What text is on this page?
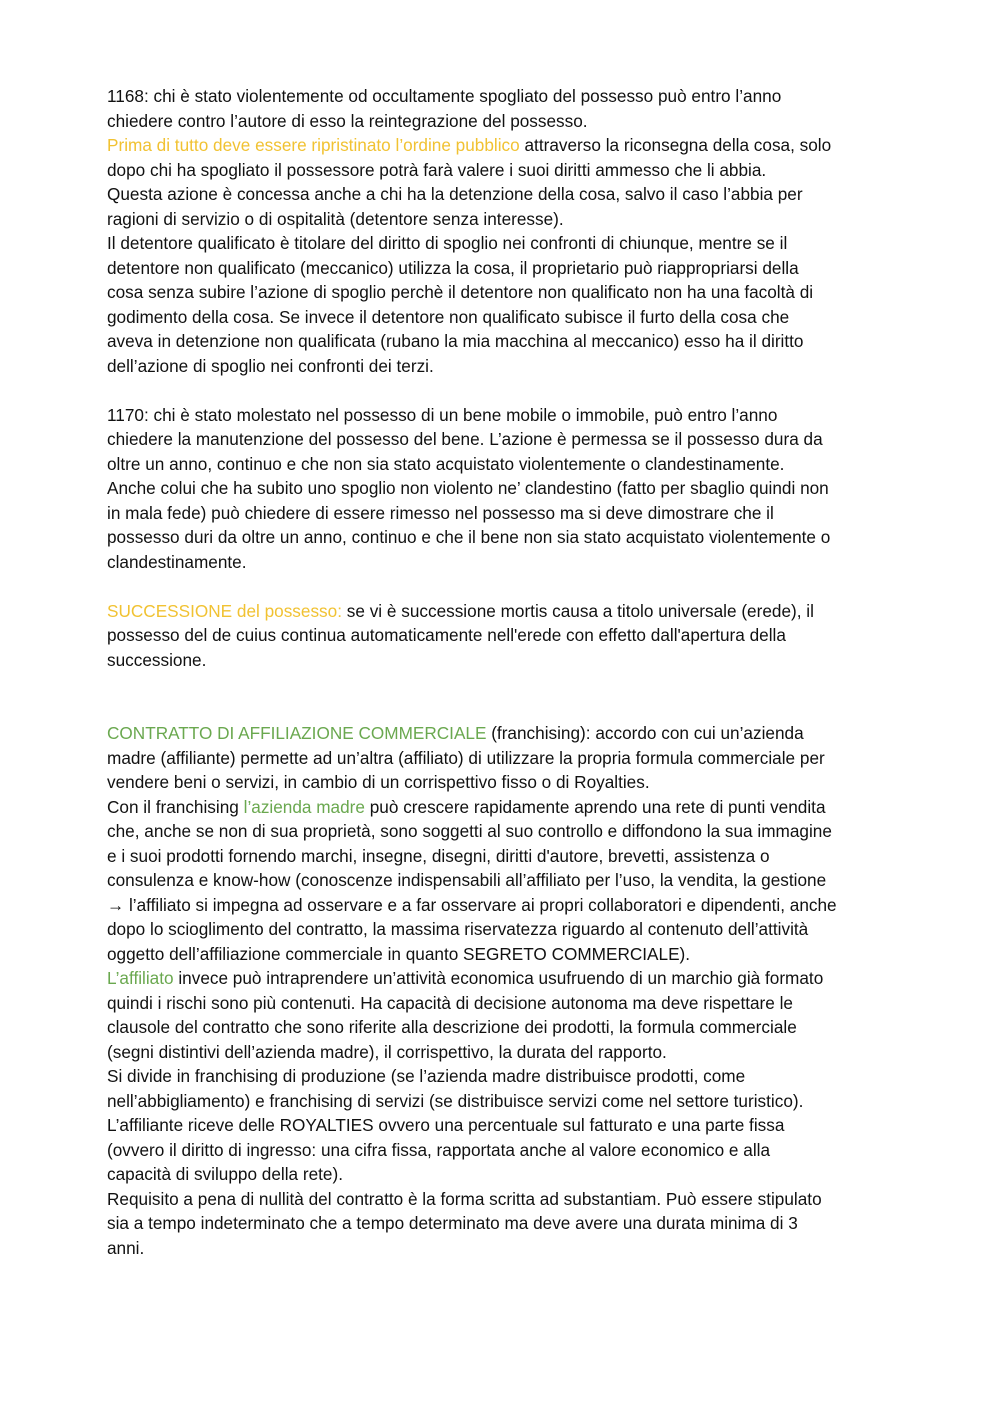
1168: chi è stato violentemente od occultamente spogliato del possesso può entro l’anno

chiedere contro l’autore di esso la reintegrazione del possesso.

Prima di tutto deve essere ripristinato l’ordine pubblico attraverso la riconsegna della cosa, solo

dopo chi ha spogliato il possessore potrà farà valere i suoi diritti ammesso che li abbia.

Questa azione è concessa anche a chi ha la detenzione della cosa, salvo il caso l’abbia per

ragioni di servizio o di ospitalità (detentore senza interesse).

Il detentore qualificato è titolare del diritto di spoglio nei confronti di chiunque, mentre se il

detentore non qualificato (meccanico) utilizza la cosa, il proprietario può riappropriarsi della

cosa senza subire l’azione di spoglio perchè il detentore non qualificato non ha una facoltà di

godimento della cosa. Se invece il detentore non qualificato subisce il furto della cosa che

aveva in detenzione non qualificata (rubano la mia macchina al meccanico) esso ha il diritto

dell’azione di spoglio nei confronti dei terzi.

1170: chi è stato molestato nel possesso di un bene mobile o immobile, può entro l’anno

chiedere la manutenzione del possesso del bene. L’azione è permessa se il possesso dura da

oltre un anno, continuo e che non sia stato acquistato violentemente o clandestinamente.

Anche colui che ha subito uno spoglio non violento ne’ clandestino (fatto per sbaglio quindi non

in mala fede) può chiedere di essere rimesso nel possesso ma si deve dimostrare che il

possesso duri da oltre un anno, continuo e che il bene non sia stato acquistato violentemente o

clandestinamente.

SUCCESSIONE del possesso: se vi è successione mortis causa a titolo universale (erede), il

possesso del de cuius continua automaticamente nell'erede con effetto dall'apertura della

successione.

CONTRATTO DI AFFILIAZIONE COMMERCIALE (franchising): accordo con cui un’azienda

madre (affiliante) permette ad un’altra (affiliato) di utilizzare la propria formula commerciale per

vendere beni o servizi, in cambio di un corrispettivo fisso o di Royalties.

Con il franchising l’azienda madre può crescere rapidamente aprendo una rete di punti vendita

che, anche se non di sua proprietà, sono soggetti al suo controllo e diffondono la sua immagine

e i suoi prodotti fornendo marchi, insegne, disegni, diritti d'autore, brevetti, assistenza o

consulenza e know-how (conoscenze indispensabili all’affiliato per l’uso, la vendita, la gestione

→ l’affiliato si impegna ad osservare e a far osservare ai propri collaboratori e dipendenti, anche

dopo lo scioglimento del contratto, la massima riservatezza riguardo al contenuto dell’attività

oggetto dell’affiliazione commerciale in quanto SEGRETO COMMERCIALE).

L’affiliato invece può intraprendere un’attività economica usufruendo di un marchio già formato

quindi i rischi sono più contenuti. Ha capacità di decisione autonoma ma deve rispettare le

clausole del contratto che sono riferite alla descrizione dei prodotti, la formula commerciale

(segni distintivi dell’azienda madre), il corrispettivo, la durata del rapporto.

Si divide in franchising di produzione (se l’azienda madre distribuisce prodotti, come

nell’abbigliamento) e franchising di servizi (se distribuisce servizi come nel settore turistico).

L’affiliante riceve delle ROYALTIES ovvero una percentuale sul fatturato e una parte fissa

(ovvero il diritto di ingresso: una cifra fissa, rapportata anche al valore economico e alla

capacità di sviluppo della rete).

Requisito a pena di nullità del contratto è la forma scritta ad substantiam. Può essere stipulato

sia a tempo indeterminato che a tempo determinato ma deve avere una durata minima di 3

anni.
